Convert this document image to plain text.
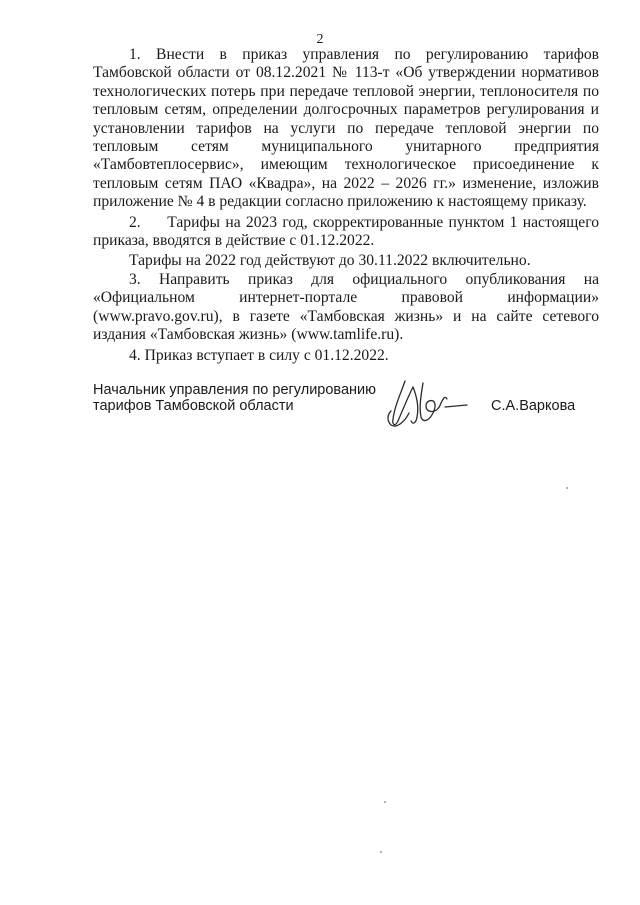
2

1. Внести в приказ управления по регулированию тарифов Тамбовской области от 08.12.2021 № 113-т «Об утверждении нормативов технологических потерь при передаче тепловой энергии, теплоносителя по тепловым сетям, определении долгосрочных параметров регулирования и установлении тарифов на услуги по передаче тепловой энергии по тепловым сетям муниципального унитарного предприятия «Тамбовтеплосервис», имеющим технологическое присоединение к тепловым сетям ПАО «Квадра», на 2022 – 2026 гг.» изменение, изложив приложение № 4 в редакции согласно приложению к настоящему приказу.

2.     Тарифы на 2023 год, скорректированные пунктом 1 настоящего приказа, вводятся в действие с 01.12.2022.

Тарифы на 2022 год действуют до 30.11.2022 включительно.

3. Направить приказ для официального опубликования на «Официальном интернет-портале правовой информации» (www.pravo.gov.ru), в газете «Тамбовская жизнь» и на сайте сетевого издания «Тамбовская жизнь» (www.tamlife.ru).

4. Приказ вступает в силу с 01.12.2022.

Начальник управления по регулированию
тарифов Тамбовской области	С.А.Варкова
